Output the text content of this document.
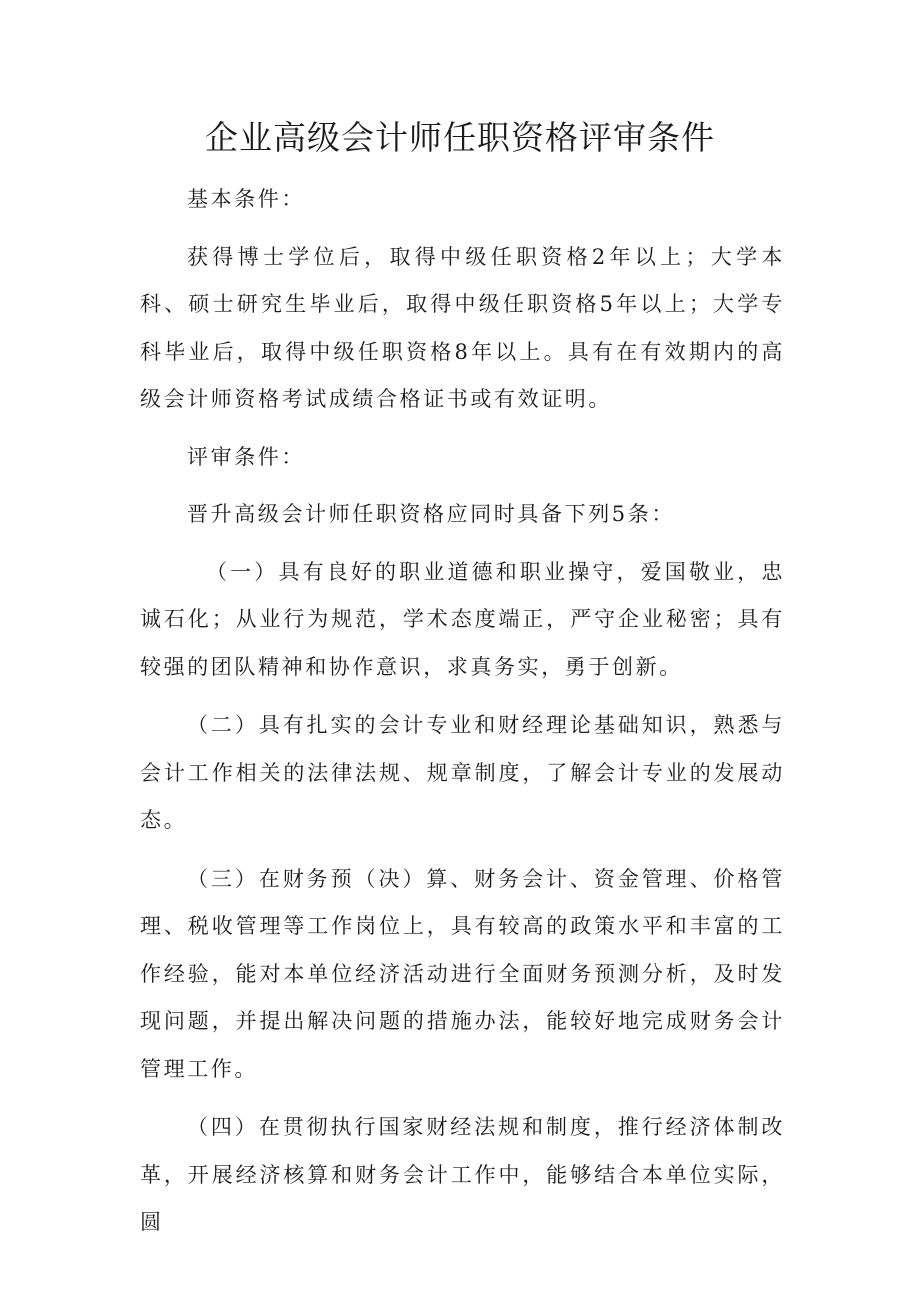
企业高级会计师任职资格评审条件

基本条件：

获得博士学位后，取得中级任职资格2年以上；大学本科、硕士研究生毕业后，取得中级任职资格5年以上；大学专科毕业后，取得中级任职资格8年以上。具有在有效期内的高级会计师资格考试成绩合格证书或有效证明。

评审条件：

晋升高级会计师任职资格应同时具备下列5条：

（一）具有良好的职业道德和职业操守，爱国敬业，忠诚石化；从业行为规范，学术态度端正，严守企业秘密；具有较强的团队精神和协作意识，求真务实，勇于创新。

（二）具有扎实的会计专业和财经理论基础知识，熟悉与会计工作相关的法律法规、规章制度，了解会计专业的发展动态。

（三）在财务预（决）算、财务会计、资金管理、价格管理、税收管理等工作岗位上，具有较高的政策水平和丰富的工作经验，能对本单位经济活动进行全面财务预测分析，及时发现问题，并提出解决问题的措施办法，能较好地完成财务会计管理工作。

（四）在贯彻执行国家财经法规和制度，推行经济体制改革，开展经济核算和财务会计工作中，能够结合本单位实际，圆
